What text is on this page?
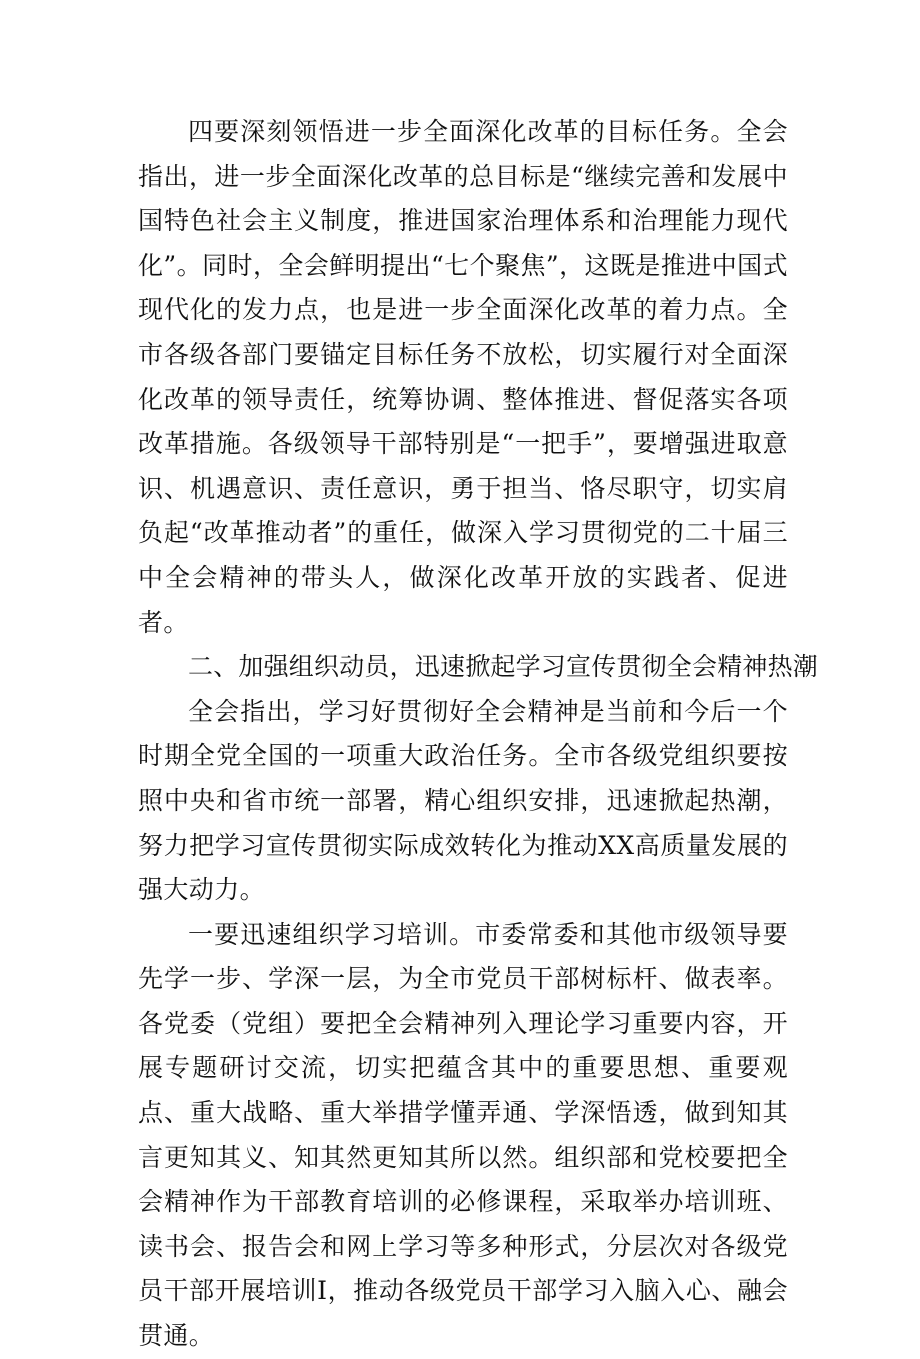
四要深刻领悟进一步全面深化改革的目标任务。全会指出，进一步全面深化改革的总目标是“继续完善和发展中国特色社会主义制度，推进国家治理体系和治理能力现代化”。同时，全会鲜明提出“七个聚焦”，这既是推进中国式现代化的发力点，也是进一步全面深化改革的着力点。全市各级各部门要锚定目标任务不放松，切实履行对全面深化改革的领导责任，统筹协调、整体推进、督促落实各项改革措施。各级领导干部特别是“一把手”，要增强进取意识、机遇意识、责任意识，勇于担当、恪尽职守，切实肩负起“改革推动者”的重任，做深入学习贯彻党的二十届三中全会精神的带头人，做深化改革开放的实践者、促进者。

二、加强组织动员，迅速掀起学习宣传贯彻全会精神热潮

全会指出，学习好贯彻好全会精神是当前和今后一个时期全党全国的一项重大政治任务。全市各级党组织要按照中央和省市统一部署，精心组织安排，迅速掀起热潮，努力把学习宣传贯彻实际成效转化为推动XX高质量发展的强大动力。

一要迅速组织学习培训。市委常委和其他市级领导要先学一步、学深一层，为全市党员干部树标杆、做表率。各党委（党组）要把全会精神列入理论学习重要内容，开展专题研讨交流，切实把蕴含其中的重要思想、重要观点、重大战略、重大举措学懂弄通、学深悟透，做到知其言更知其义、知其然更知其所以然。组织部和党校要把全会精神作为干部教育培训的必修课程，采取举办培训班、读书会、报告会和网上学习等多种形式，分层次对各级党员干部开展培训I，推动各级党员干部学习入脑入心、融会贯通。
